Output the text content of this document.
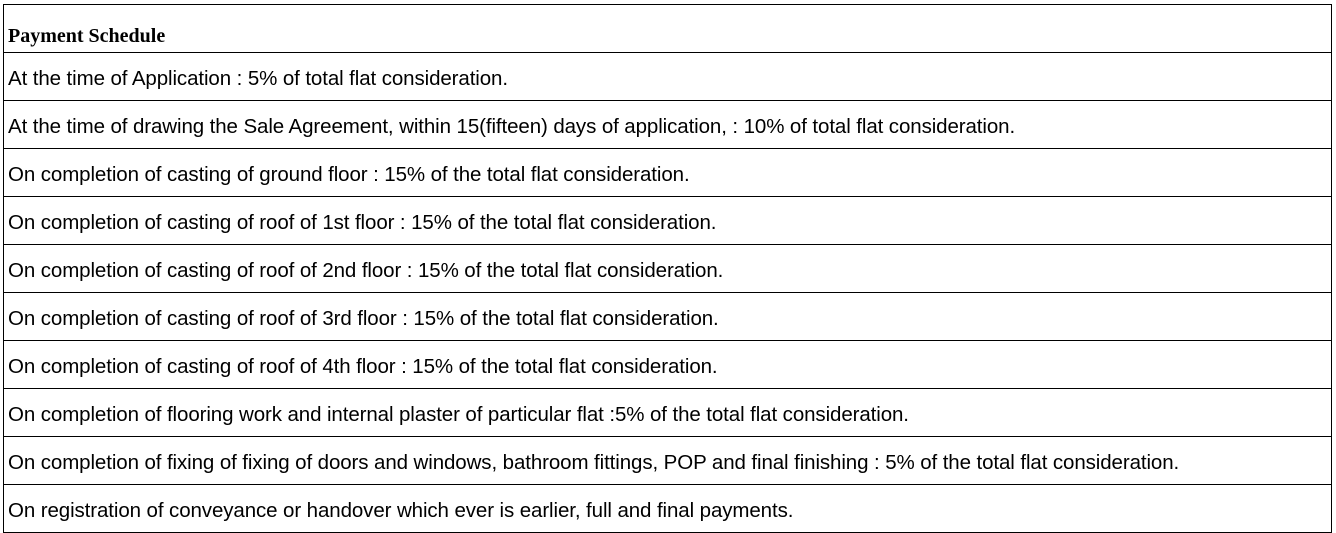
Payment Schedule
At the time of Application : 5% of total flat consideration.
At the time of drawing the Sale Agreement, within 15(fifteen) days of application, : 10% of total flat consideration.
On completion of casting of ground floor : 15% of the total flat consideration.
On completion of casting of roof of 1st floor : 15% of the total flat consideration.
On completion of casting of roof of 2nd floor : 15% of the total flat consideration.
On completion of casting of roof of 3rd floor : 15% of the total flat consideration.
On completion of casting of roof of 4th floor : 15% of the total flat consideration.
On completion of flooring work and internal plaster of particular flat :5% of the total flat consideration.
On completion of fixing of fixing of doors and windows, bathroom fittings, POP and final finishing : 5% of the total flat consideration.
On registration of conveyance or handover which ever is earlier, full and final payments.
